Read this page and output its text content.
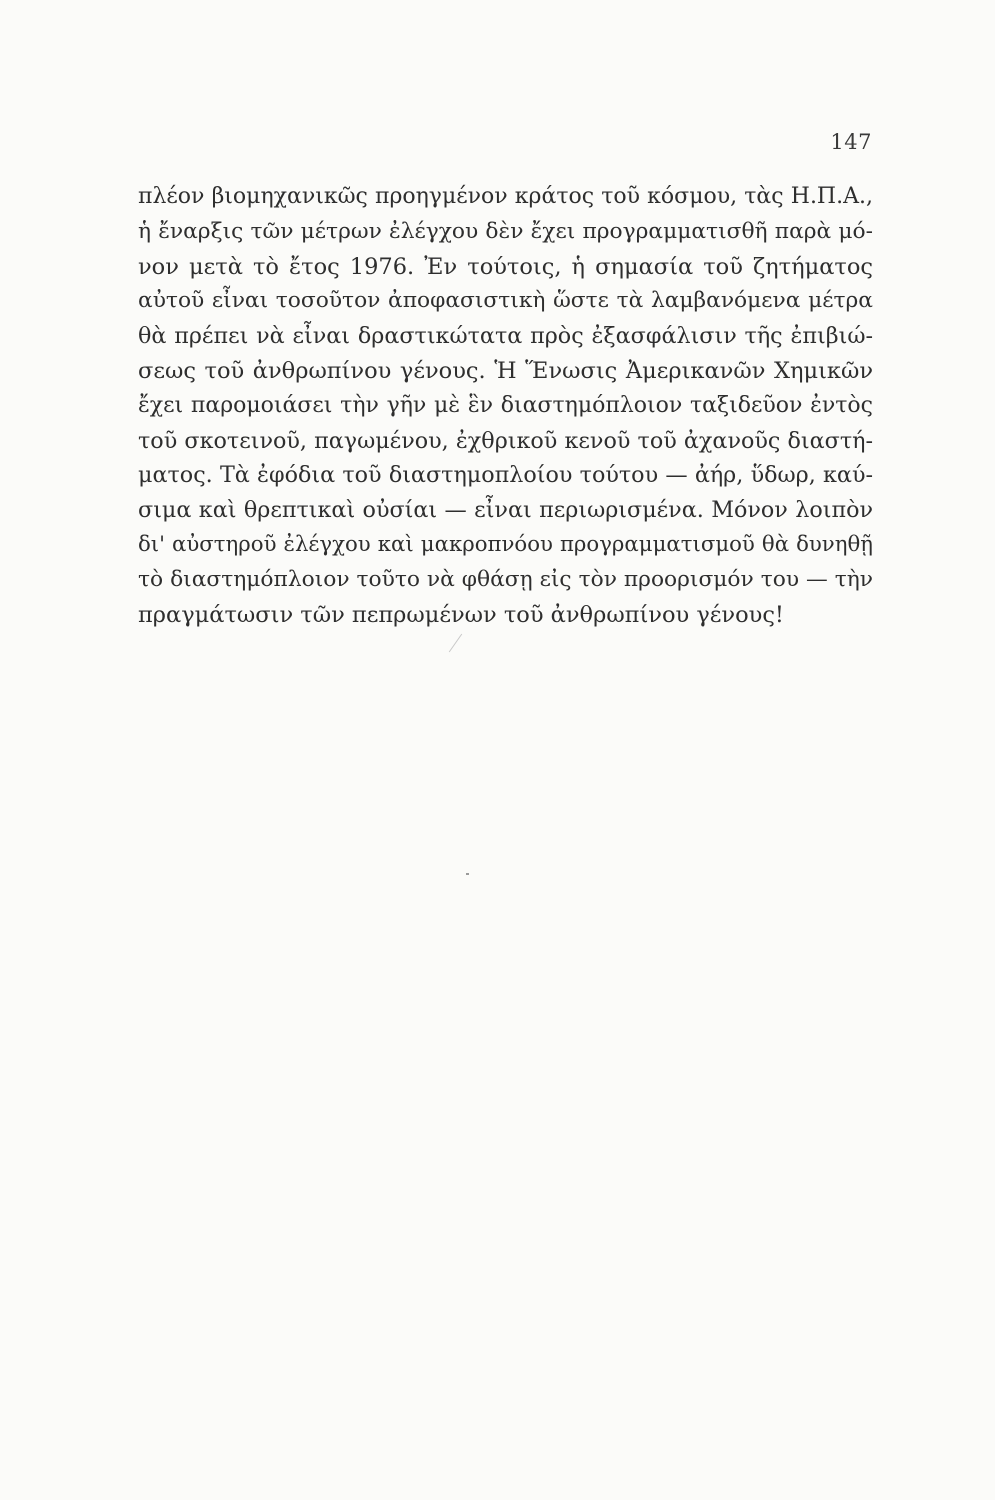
147
πλέον βιομηχανικῶς προηγμένον κράτος τοῦ κόσμου, τὰς Η.Π.Α.,
ἡ ἔναρξις τῶν μέτρων ἐλέγχου δὲν ἔχει προγραμματισθῆ παρὰ μό-
νον μετὰ τὸ ἔτος 1976. Ἐν τούτοις, ἡ σημασία τοῦ ζητήματος
αὐτοῦ εἶναι τοσοῦτον ἀποφασιστικὴ ὥστε τὰ λαμβανόμενα μέτρα
θὰ πρέπει νὰ εἶναι δραστικώτατα πρὸς ἐξασφάλισιν τῆς ἐπιβιώ-
σεως τοῦ ἀνθρωπίνου γένους. Ἡ Ἕνωσις Ἀμερικανῶν Χημικῶν
ἔχει παρομοιάσει τὴν γῆν μὲ ἓν διαστημόπλοιον ταξιδεῦον ἐντὸς
τοῦ σκοτεινοῦ, παγωμένου, ἐχθρικοῦ κενοῦ τοῦ ἀχανοῦς διαστή-
ματος. Τὰ ἐφόδια τοῦ διαστημοπλοίου τούτου — ἀήρ, ὕδωρ, καύ-
σιμα καὶ θρεπτικαὶ οὐσίαι — εἶναι περιωρισμένα. Μόνον λοιπὸν
δι' αὐστηροῦ ἐλέγχου καὶ μακροπνόου προγραμματισμοῦ θὰ δυνηθῇ
τὸ διαστημόπλοιον τοῦτο νὰ φθάσῃ εἰς τὸν προορισμόν του — τὴν
πραγμάτωσιν τῶν πεπρωμένων τοῦ ἀνθρωπίνου γένους!
